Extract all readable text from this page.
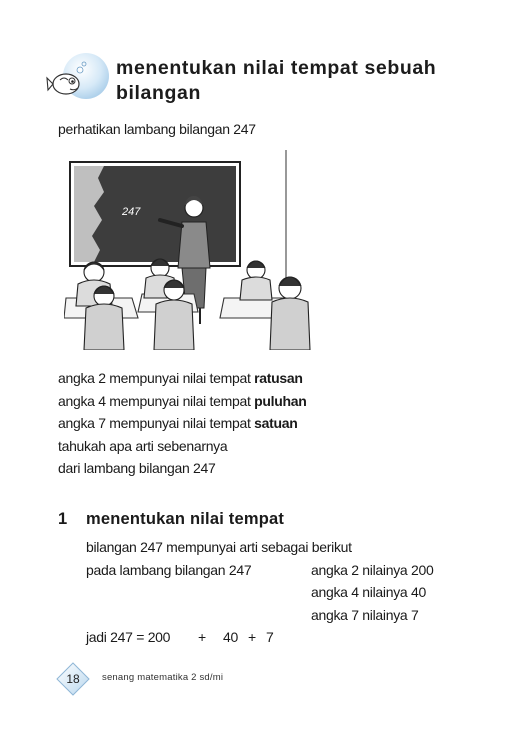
menentukan nilai tempat sebuah bilangan
perhatikan lambang bilangan 247
247

angka 2 mempunyai nilai tempat ratusan

angka 4 mempunyai nilai tempat puluhan

angka 7 mempunyai nilai tempat satuan

tahukah apa arti sebenarnya

dari lambang bilangan 247

1 menentukan nilai tempat
bilangan 247 mempunyai arti sebagai berikut
pada lambang bilangan 247	angka 2 nilainya 200
angka 4 nilainya 40
angka 7 nilainya 7
jadi 247 = 200 + 40 + 7
18	senang matematika 2 sd/mi
